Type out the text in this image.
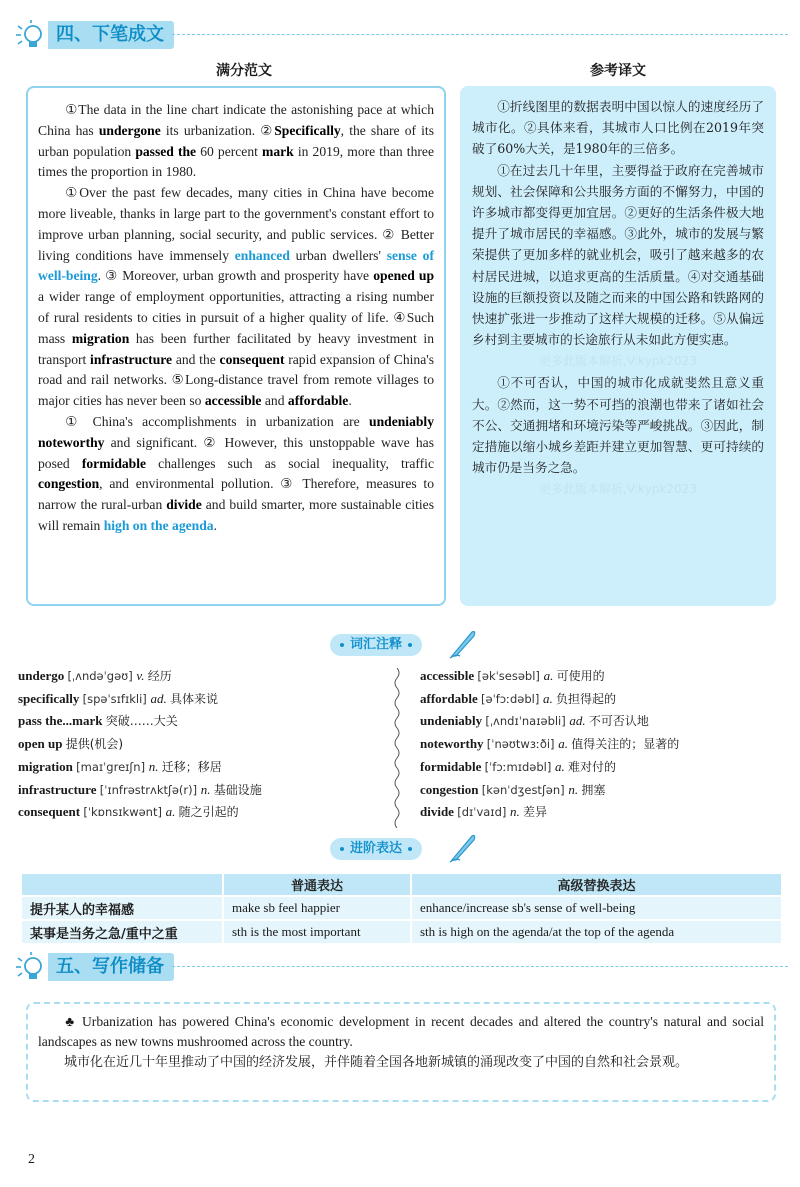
四、下笔成文
满分范文	参考译文

①The data in the line chart indicate the astonishing pace at which China has undergone its urbanization. ②Specifically, the share of its urban population passed the 60 percent mark in 2019, more than three times the proportion in 1980.

①Over the past few decades, many cities in China have become more liveable, thanks in large part to the government's constant effort to improve urban planning, social security, and public services. ② Better living conditions have immensely enhanced urban dwellers' sense of well-being. ③ Moreover, urban growth and prosperity have opened up a wider range of employment opportunities, attracting a rising number of rural residents to cities in pursuit of a higher quality of life. ④Such mass migration has been further facilitated by heavy investment in transport infrastructure and the consequent rapid expansion of China's road and rail networks. ⑤Long-distance travel from remote villages to major cities has never been so accessible and affordable.

① China's accomplishments in urbanization are undeniably noteworthy and significant. ② However, this unstoppable wave has posed formidable challenges such as social inequality, traffic congestion, and environmental pollution. ③ Therefore, measures to narrow the rural-urban divide and build smarter, more sustainable cities will remain high on the agenda.

①折线图里的数据表明中国以惊人的速度经历了城市化。②具体来看，其城市人口比例在2019年突破了60%大关，是1980年的三倍多。

①在过去几十年里，主要得益于政府在完善城市规划、社会保障和公共服务方面的不懈努力，中国的许多城市都变得更加宜居。②更好的生活条件极大地提升了城市居民的幸福感。③此外，城市的发展与繁荣提供了更加多样的就业机会，吸引了越来越多的农村居民进城，以追求更高的生活质量。④对交通基础设施的巨额投资以及随之而来的中国公路和铁路网的快速扩张进一步推动了这样大规模的迁移。⑤从偏远乡村到主要城市的长途旅行从未如此方便实惠。

更多此版本解析,V:kypk2023

①不可否认，中国的城市化成就斐然且意义重大。②然而，这一势不可挡的浪潮也带来了诸如社会不公、交通拥堵和环境污染等严峻挑战。③因此，制定措施以缩小城乡差距并建立更加智慧、更可持续的城市仍是当务之急。

更多此版本解析,V:kypk2023

词汇注释
undergo [ˌʌndəˈgəʊ] v. 经历
specifically [spəˈsɪfɪkli] ad. 具体来说
pass the...mark 突破……大关
open up 提供(机会)
migration [maɪˈgreɪʃn] n. 迁移；移居
infrastructure [ˈɪnfrəstrʌktʃə(r)] n. 基础设施
consequent [ˈkɒnsɪkwənt] a. 随之引起的
accessible [əkˈsesəbl] a. 可使用的
affordable [əˈfɔːdəbl] a. 负担得起的
undeniably [ˌʌndɪˈnaɪəbli] ad. 不可否认地
noteworthy [ˈnəʊtwɜːði] a. 值得关注的；显著的
formidable [ˈfɔːmɪdəbl] a. 难对付的
congestion [kənˈdʒestʃən] n. 拥塞
divide [dɪˈvaɪd] n. 差异
进阶表达
	普通表达	高级替换表达
提升某人的幸福感	make sb feel happier	enhance/increase sb's sense of well-being
某事是当务之急/重中之重	sth is the most important	sth is high on the agenda/at the top of the agenda
五、写作储备

♣ Urbanization has powered China's economic development in recent decades and altered the country's natural and social landscapes as new towns mushroomed across the country.

城市化在近几十年里推动了中国的经济发展，并伴随着全国各地新城镇的涌现改变了中国的自然和社会景观。

2
